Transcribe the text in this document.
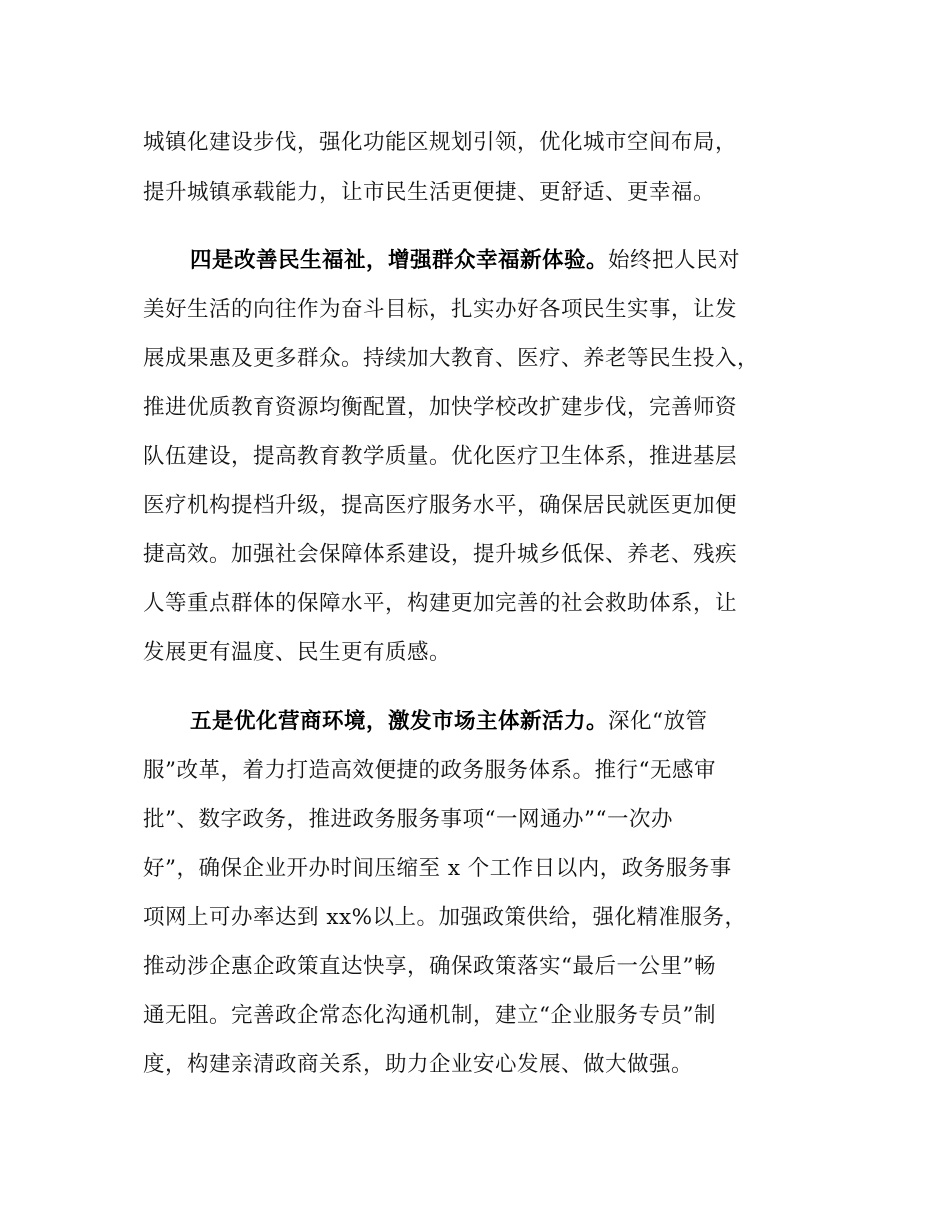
城镇化建设步伐，强化功能区规划引领，优化城市空间布局，
提升城镇承载能力，让市民生活更便捷、更舒适、更幸福。
四是改善民生福祉，增强群众幸福新体验。始终把人民对
美好生活的向往作为奋斗目标，扎实办好各项民生实事，让发
展成果惠及更多群众。持续加大教育、医疗、养老等民生投入，
推进优质教育资源均衡配置，加快学校改扩建步伐，完善师资
队伍建设，提高教育教学质量。优化医疗卫生体系，推进基层
医疗机构提档升级，提高医疗服务水平，确保居民就医更加便
捷高效。加强社会保障体系建设，提升城乡低保、养老、残疾
人等重点群体的保障水平，构建更加完善的社会救助体系，让
发展更有温度、民生更有质感。
五是优化营商环境，激发市场主体新活力。深化“放管
服”改革，着力打造高效便捷的政务服务体系。推行“无感审
批”、数字政务，推进政务服务事项“一网通办”“一次办
好”，确保企业开办时间压缩至 x 个工作日以内，政务服务事
项网上可办率达到 xx%以上。加强政策供给，强化精准服务，
推动涉企惠企政策直达快享，确保政策落实“最后一公里”畅
通无阻。完善政企常态化沟通机制，建立“企业服务专员”制
度，构建亲清政商关系，助力企业安心发展、做大做强。
